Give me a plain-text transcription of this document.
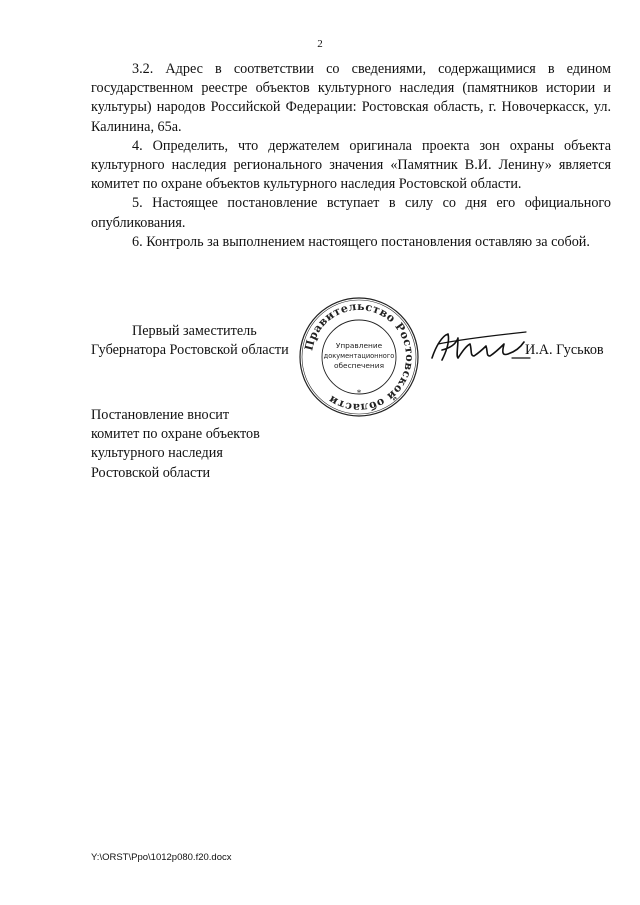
2

3.2. Адрес в соответствии со сведениями, содержащимися в едином государственном реестре объектов культурного наследия (памятников истории и культуры) народов Российской Федерации: Ростовская область, г. Новочеркасск, ул. Калинина, 65а.

4. Определить, что держателем оригинала проекта зон охраны объекта культурного наследия регионального значения «Памятник В.И. Ленину» является комитет по охране объектов культурного наследия Ростовской области.

5. Настоящее постановление вступает в силу со дня его официального опубликования.

6. Контроль за выполнением настоящего постановления оставляю за собой.

Первый заместитель
Губернатора Ростовской области Правительство Ростовской области	*
Управление
документационного
обеспечения
И.А. Гуськов
Постановление вносит
комитет по охране объектов
культурного наследия
Ростовской области
Y:\ORST\Ppo\1012p080.f20.docx
